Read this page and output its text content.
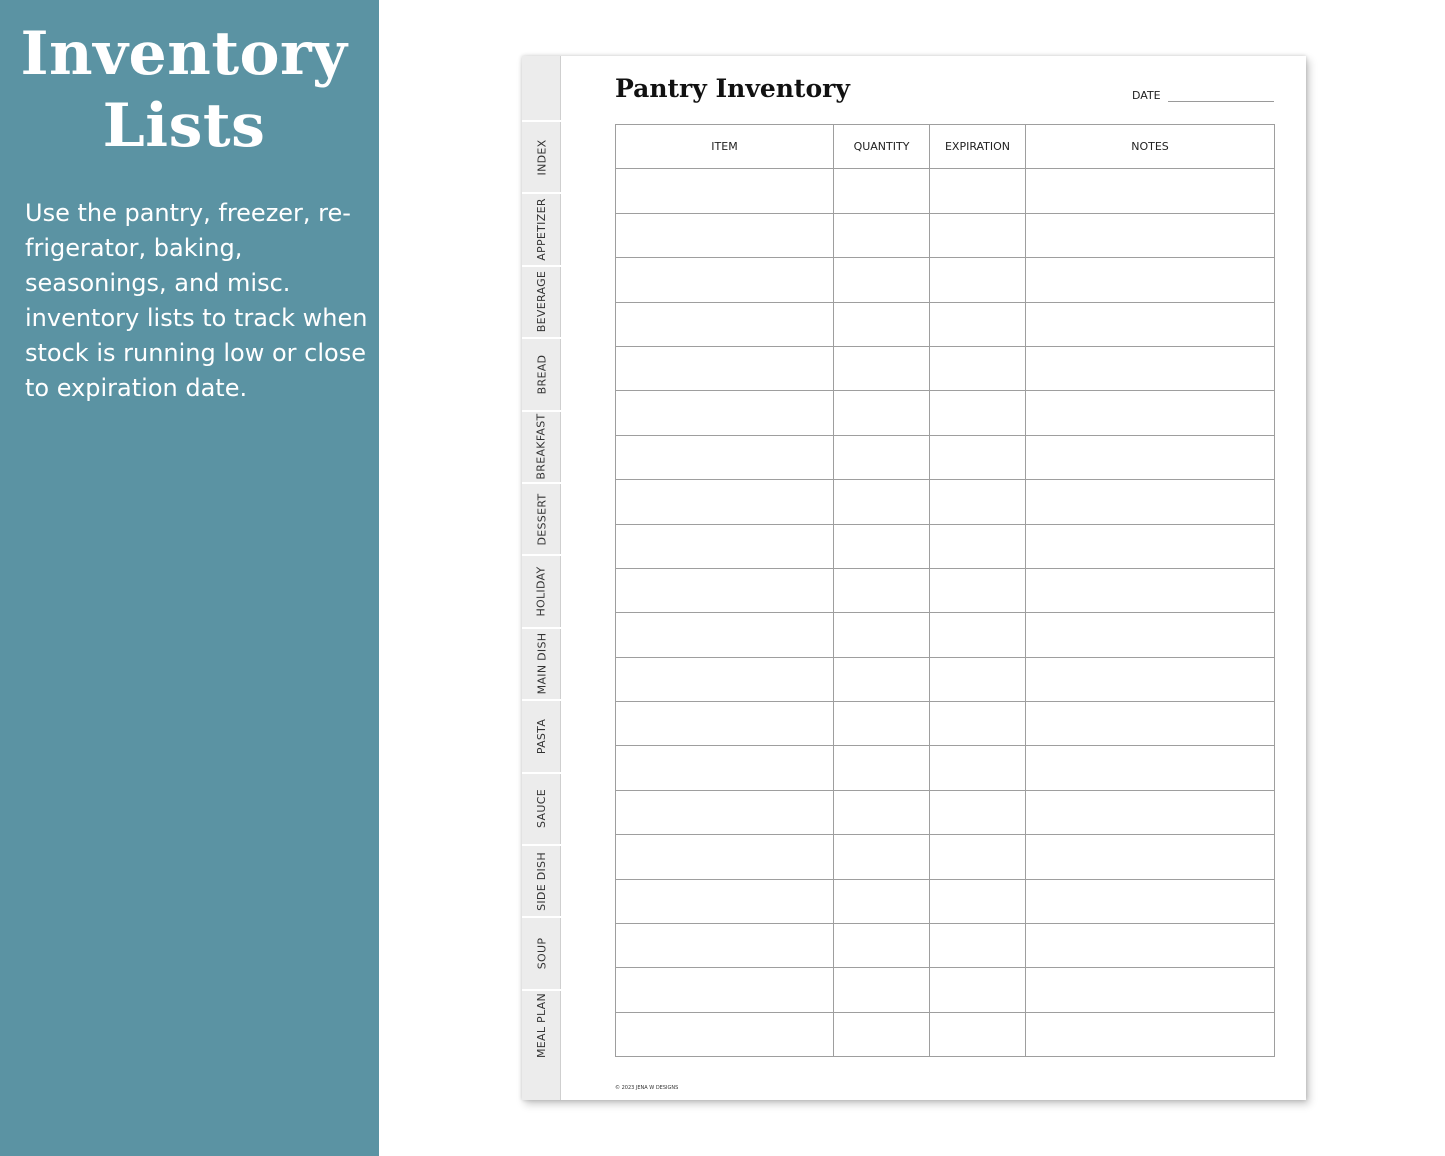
Inventory
Lists

Use the pantry, freezer, re-frigerator, baking, seasonings, and misc. inventory lists to track when stock is running low or close to expiration date.

INDEX
APPETIZER
BEVERAGE
BREAD
BREAKFAST
DESSERT
HOLIDAY
MAIN DISH
PASTA
SAUCE
SIDE DISH
SOUP
MEAL PLAN
Pantry Inventory	DATE
ITEM	QUANTITY	EXPIRATION	NOTES

© 2023 JENA W DESIGNS
